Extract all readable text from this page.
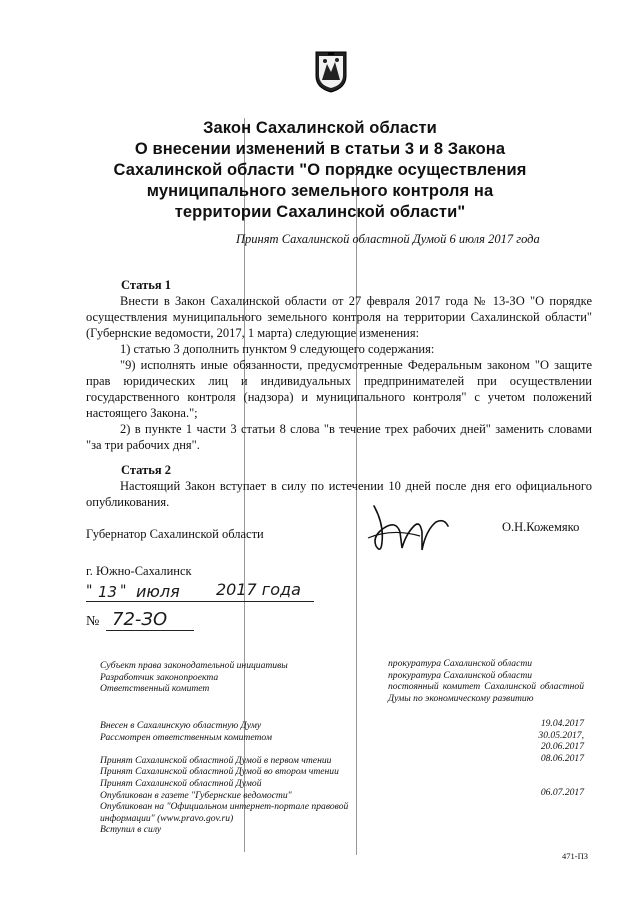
Закон Сахалинской области
О внесении изменений в статьи 3 и 8 Закона
Сахалинской области "О порядке осуществления
муниципального земельного контроля на
территории Сахалинской области"
Принят Сахалинской областной Думой 6 июля 2017 года
Статья 1

Внести в Закон Сахалинской области от 27 февраля 2017 года № 13-ЗО "О порядке осуществления муниципального земельного контроля на территории Сахалинской области" (Губернские ведомости, 2017, 1 марта) следующие изменения:

1) статью 3 дополнить пунктом 9 следующего содержания:

"9) исполнять иные обязанности, предусмотренные Федеральным законом "О защите прав юридических лиц и индивидуальных предпринимателей при осуществлении государственного контроля (надзора) и муниципального контроля" с учетом положений настоящего Закона.";

2) в пункте 1 части 3 статьи 8 слова "в течение трех рабочих дней" заменить словами "за три рабочих дня".

Статья 2

Настоящий Закон вступает в силу по истечении 10 дней после дня его официального опубликования.

Губернатор Сахалинской области	О.Н.Кожемяко
г. Южно-Сахалинск
" 13 " июля 2017 года
№ 72-ЗО
Субъект права законодательной инициативы
Разработчик законопроекта
Ответственный комитет
прокуратура Сахалинской области
прокуратура Сахалинской области
постоянный комитет Сахалинской областной Думы по экономическому развитию
Внесен в Сахалинскую областную Думу
Рассмотрен ответственным комитетом
Принят Сахалинской областной Думой в первом чтении
Принят Сахалинской областной Думой во втором чтении
Принят Сахалинской областной Думой
Опубликован в газете "Губернские ведомости"
Опубликован на "Официальном интернет-портале правовой информации" (www.pravo.gov.ru)
Вступил в силу
19.04.2017
30.05.2017,
20.06.2017
08.06.2017
06.07.2017
471-ПЗ
